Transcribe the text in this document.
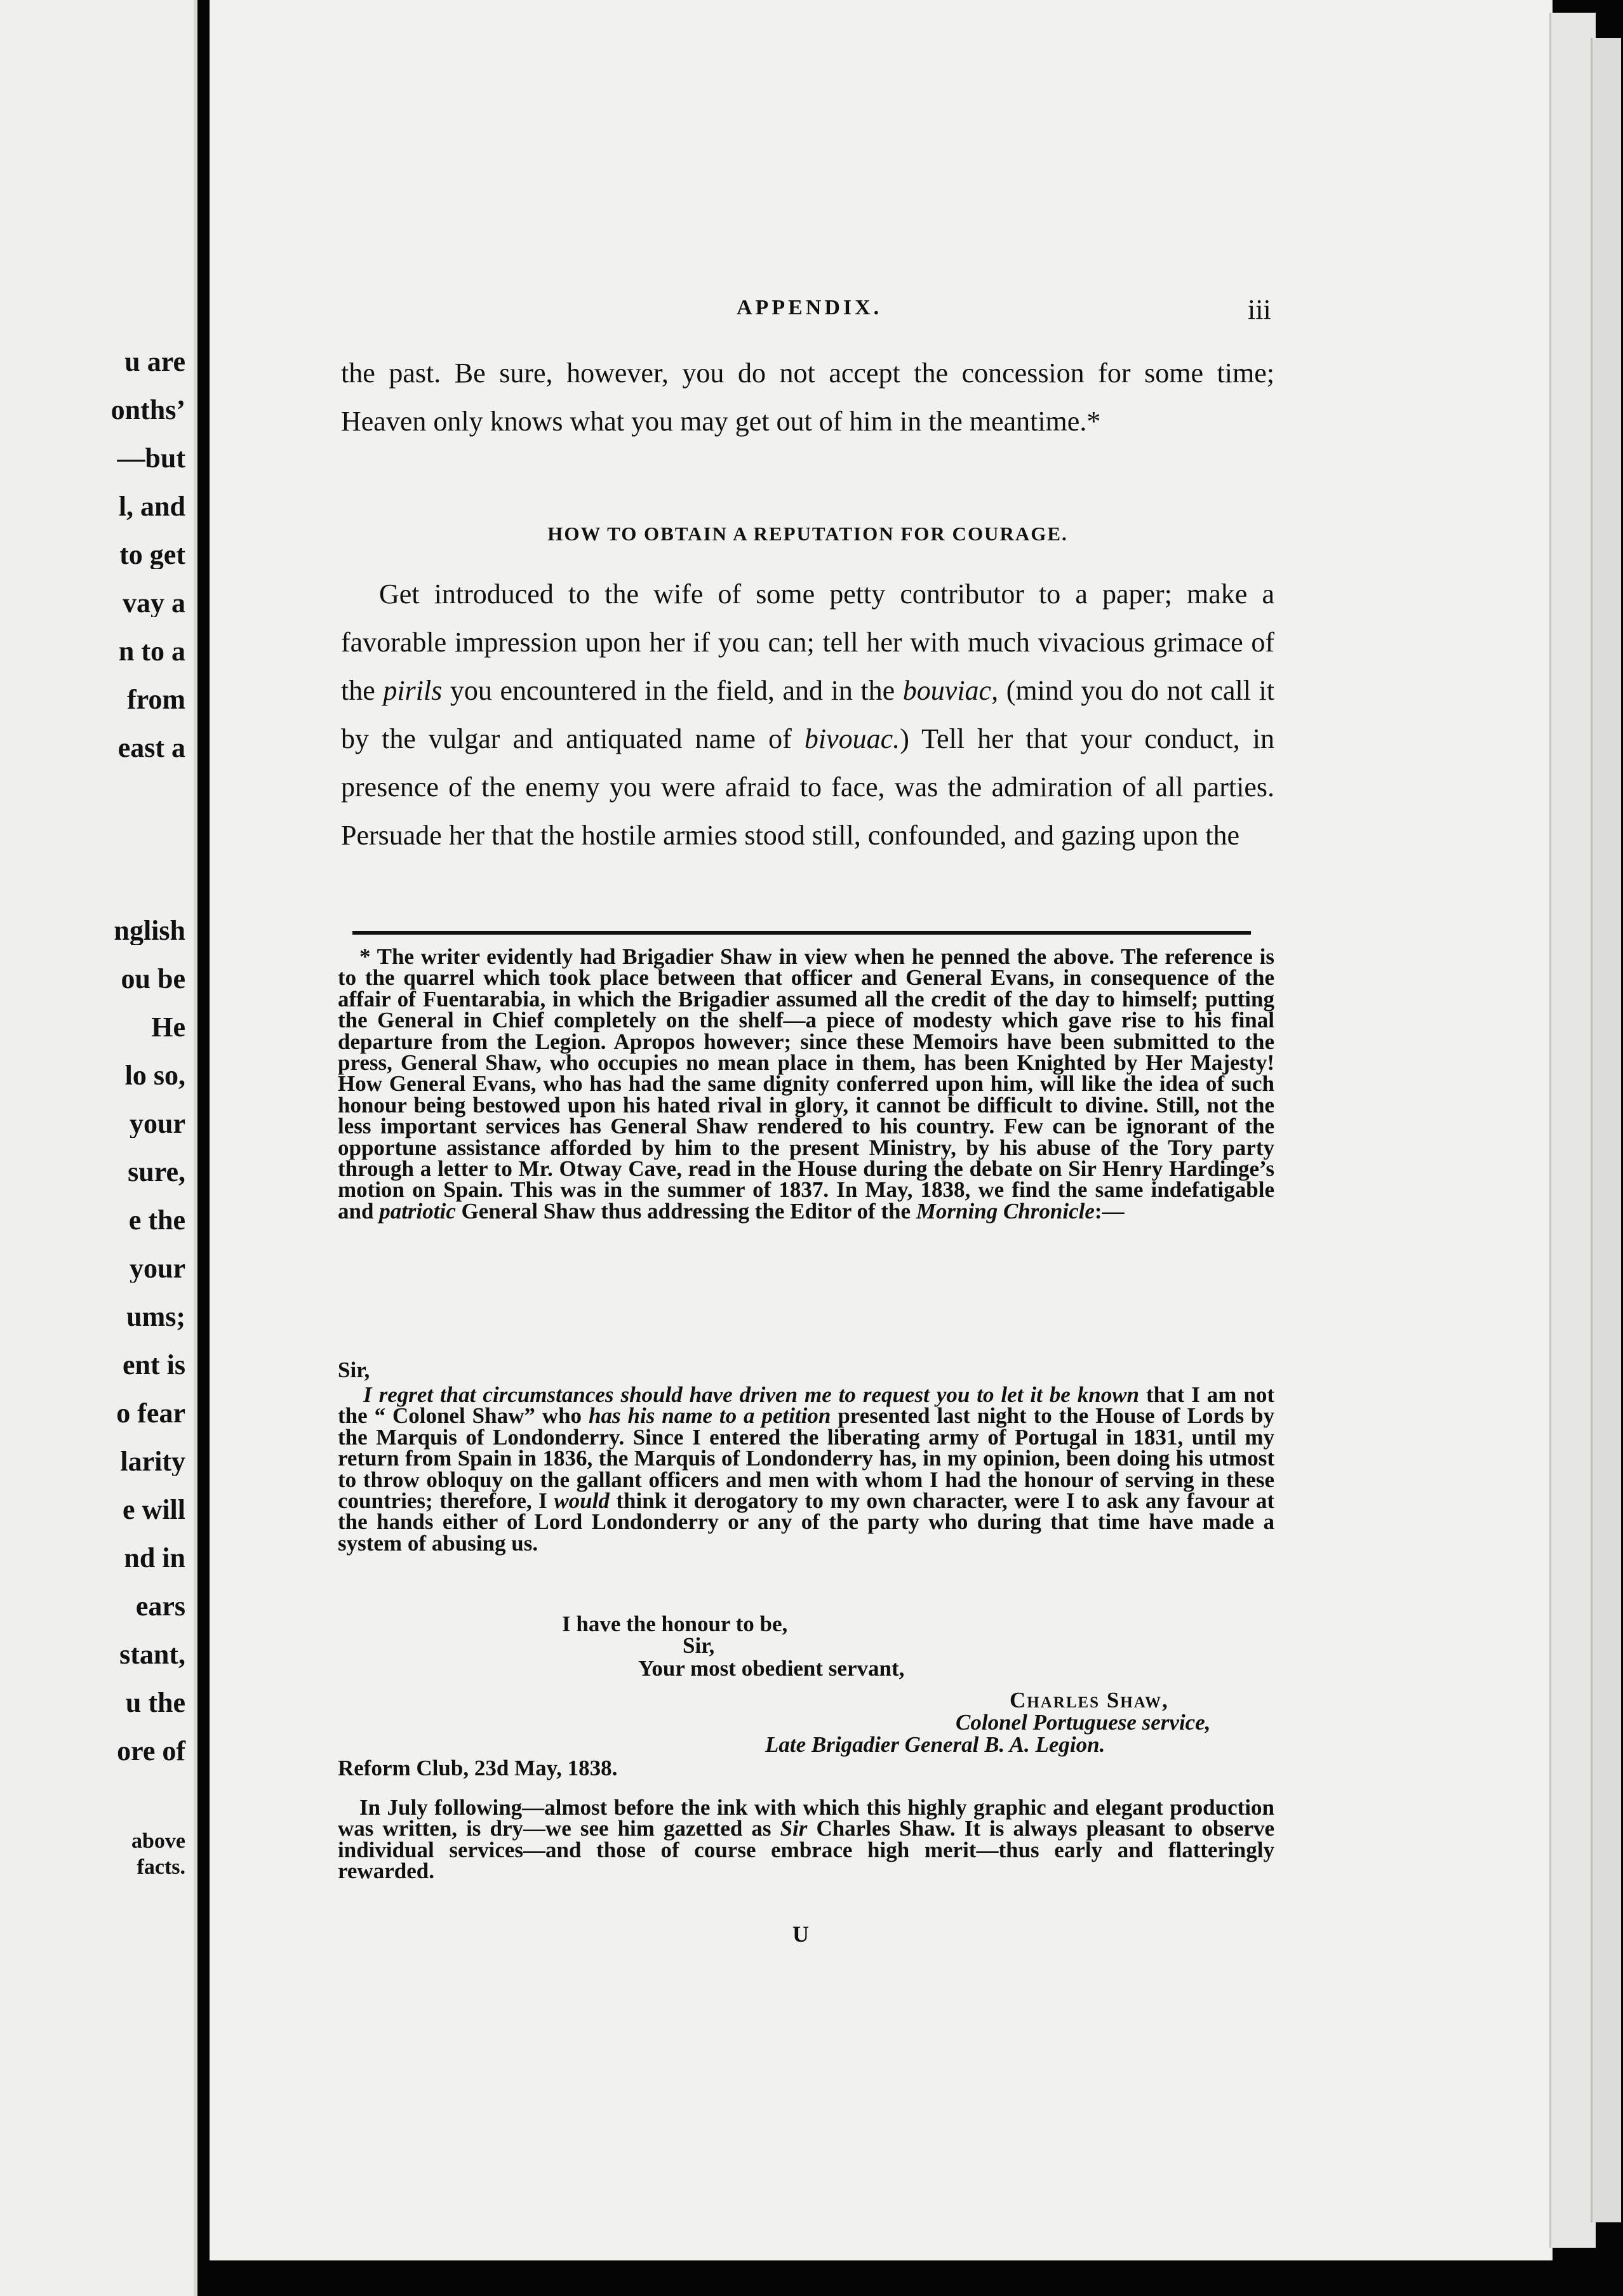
u are
onths’
—but
l, and
to get
vay a
n to a
from
east a
nglish
ou be
He
lo so,
your
sure,
e the
your
ums;
ent is
o fear
larity
e will
nd in
ears
stant,
u the
ore of
above
facts.
APPENDIX.	iii
the past. Be sure, however, you do not accept the concession for some time; Heaven only knows what you may get out of him in the meantime.*
HOW TO OBTAIN A REPUTATION FOR COURAGE.
Get introduced to the wife of some petty contributor to a paper; make a favorable impression upon her if you can; tell her with much vivacious grimace of the pirils you encountered in the field, and in the bouviac, (mind you do not call it by the vulgar and antiquated name of bivouac.) Tell her that your conduct, in presence of the enemy you were afraid to face, was the admiration of all parties. Persuade her that the hostile armies stood still, confounded, and gazing upon the
* The writer evidently had Brigadier Shaw in view when he penned the above. The reference is to the quarrel which took place between that officer and General Evans, in consequence of the affair of Fuentarabia, in which the Brigadier assumed all the credit of the day to himself; putting the General in Chief completely on the shelf—a piece of modesty which gave rise to his final departure from the Legion. Apropos however; since these Memoirs have been submitted to the press, General Shaw, who occupies no mean place in them, has been Knighted by Her Majesty! How General Evans, who has had the same dignity conferred upon him, will like the idea of such honour being bestowed upon his hated rival in glory, it cannot be difficult to divine. Still, not the less important services has General Shaw rendered to his country. Few can be ignorant of the opportune assistance afforded by him to the present Ministry, by his abuse of the Tory party through a letter to Mr. Otway Cave, read in the House during the debate on Sir Henry Hardinge’s motion on Spain. This was in the summer of 1837. In May, 1838, we find the same indefatigable and patriotic General Shaw thus addressing the Editor of the Morning Chronicle:—
Sir,
I regret that circumstances should have driven me to request you to let it be known that I am not the “ Colonel Shaw” who has his name to a petition presented last night to the House of Lords by the Marquis of Londonderry. Since I entered the liberating army of Portugal in 1831, until my return from Spain in 1836, the Marquis of Londonderry has, in my opinion, been doing his utmost to throw obloquy on the gallant officers and men with whom I had the honour of serving in these countries; therefore, I would think it derogatory to my own character, were I to ask any favour at the hands either of Lord Londonderry or any of the party who during that time have made a system of abusing us.
I have the honour to be,
Sir,
Your most obedient servant,
Charles Shaw,
Colonel Portuguese service,
Late Brigadier General B. A. Legion.
Reform Club, 23d May, 1838.
In July following—almost before the ink with which this highly graphic and elegant production was written, is dry—we see him gazetted as Sir Charles Shaw. It is always pleasant to observe individual services—and those of course embrace high merit—thus early and flatteringly rewarded.
U
